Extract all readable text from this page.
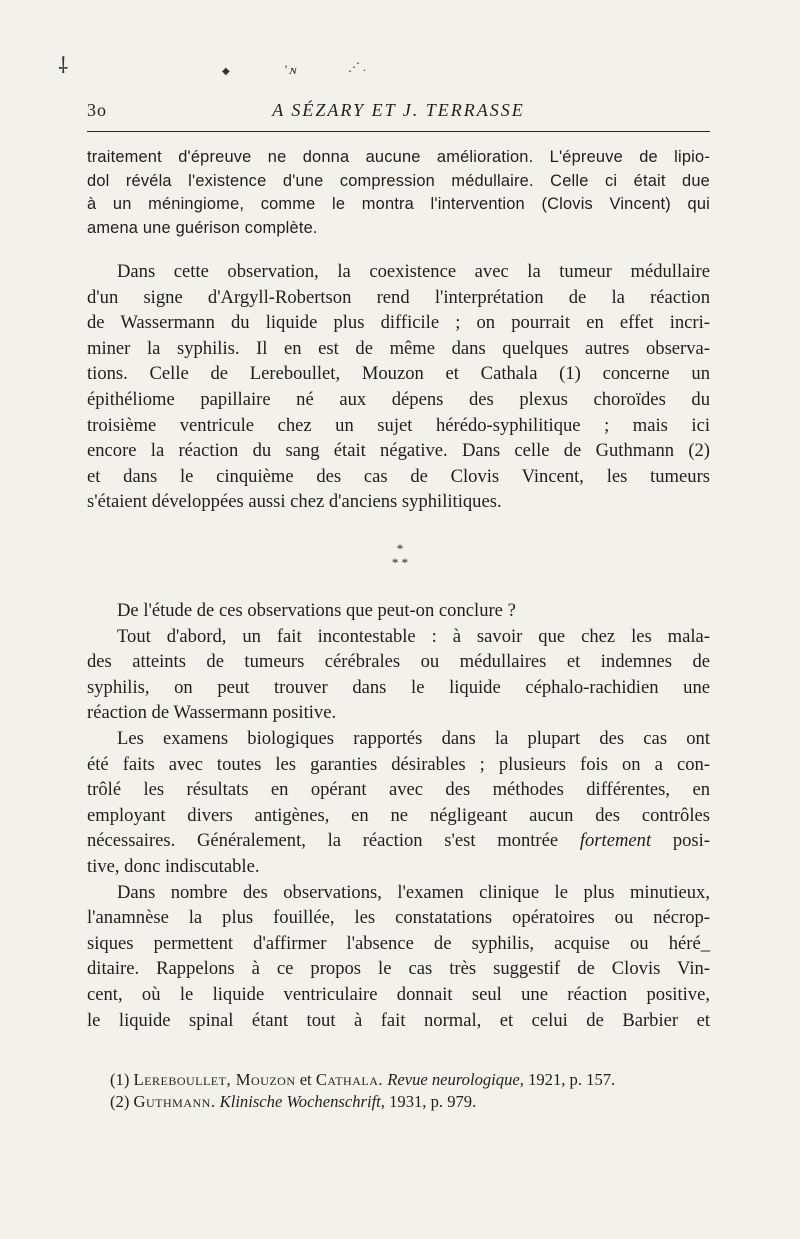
⸸	◆	' ɴ	⋰ .
3o	A SÉZARY ET J. TERRASSE
traitement d'épreuve ne donna aucune amélioration. L'épreuve de lipio-
dol révéla l'existence d'une compression médullaire. Celle ci était due
à un méningiome, comme le montra l'intervention (Clovis Vincent) qui
amena une guérison complète.
Dans cette observation, la coexistence avec la tumeur médullaire
d'un signe d'Argyll-Robertson rend l'interprétation de la réaction
de Wassermann du liquide plus difficile ; on pourrait en effet incri-
miner la syphilis. Il en est de même dans quelques autres observa-
tions. Celle de Lereboullet, Mouzon et Cathala (1) concerne un
épithéliome papillaire né aux dépens des plexus choroïdes du
troisième ventricule chez un sujet hérédo-syphilitique ; mais ici
encore la réaction du sang était négative. Dans celle de Guthmann (2)
et dans le cinquième des cas de Clovis Vincent, les tumeurs
s'étaient développées aussi chez d'anciens syphilitiques.
*
* *
De l'étude de ces observations que peut-on conclure ?
Tout d'abord, un fait incontestable : à savoir que chez les mala-
des atteints de tumeurs cérébrales ou médullaires et indemnes de
syphilis, on peut trouver dans le liquide céphalo-rachidien une
réaction de Wassermann positive.
Les examens biologiques rapportés dans la plupart des cas ont
été faits avec toutes les garanties désirables ; plusieurs fois on a con-
trôlé les résultats en opérant avec des méthodes différentes, en
employant divers antigènes, en ne négligeant aucun des contrôles
nécessaires. Généralement, la réaction s'est montrée fortement posi-
tive, donc indiscutable.
Dans nombre des observations, l'examen clinique le plus minutieux,
l'anamnèse la plus fouillée, les constatations opératoires ou nécrop-
siques permettent d'affirmer l'absence de syphilis, acquise ou héré_
ditaire. Rappelons à ce propos le cas très suggestif de Clovis Vin-
cent, où le liquide ventriculaire donnait seul une réaction positive,
le liquide spinal étant tout à fait normal, et celui de Barbier et
(1) Lereboullet, Mouzon et Cathala. Revue neurologique, 1921, p. 157.
(2) Guthmann. Klinische Wochenschrift, 1931, p. 979.
